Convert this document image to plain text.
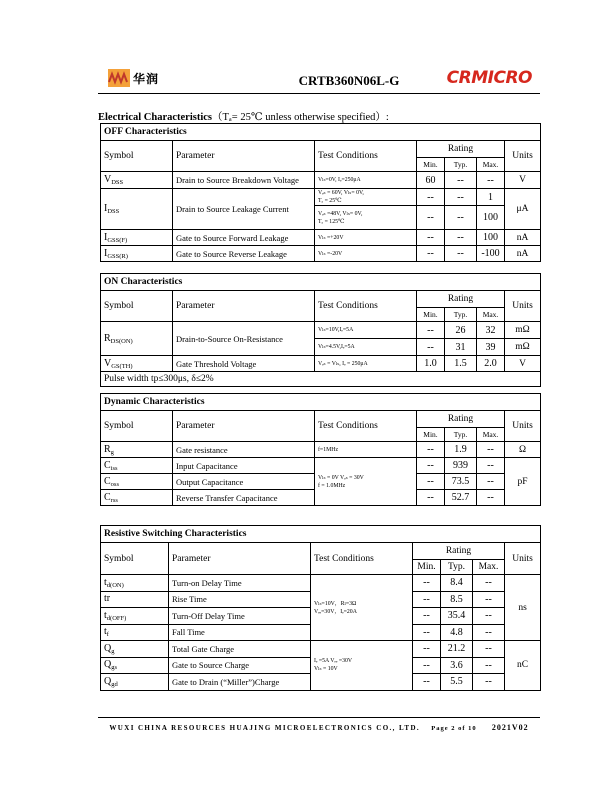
华润	CRTB360N06L-G	CRMICRO
Electrical Characteristics（Tₐ= 25℃ unless otherwise specified）:
OFF Characteristics						
Symbol	Parameter	Test Conditions	Rating			Units
			Min.	Typ.	Max.	
$V_{DSS}$	Drain to Source Breakdown Voltage	Vₗₛ=0V, Iₑ=250μA	60	--	--	V
$I_{DSS}$	Drain to Source Leakage Current	Vₑₛ = 60V, Vₗₛ= 0V,
Tₐ = 25℃	--	--	1	μA

		Vₑₛ =48V, Vₗₛ= 0V,
Tₐ = 125℃	--	--	100	
$I_{GSS(F)}$	Gate to Source Forward Leakage	Vₗₛ =+20V	--	--	100	nA
$I_{GSS(R)}$	Gate to Source Reverse Leakage	Vₗₛ =-20V	--	--	-100	nA
ON Characteristics						
Symbol	Parameter	Test Conditions	Rating			Units
			Min.	Typ.	Max.	
$R_{DS(ON)}$	Drain-to-Source On-Resistance	Vₗₛ=10V,Iₑ=5A	--	26	32	mΩ
		Vₗₛ=4.5V,Iₑ=5A	--	31	39	mΩ
$V_{GS(TH)}$	Gate Threshold Voltage	Vₑₛ = Vₗₛ, Iₑ = 250μA	1.0	1.5	2.0	V
Pulse width tp≤300μs, δ≤2%						
Dynamic Characteristics						
Symbol	Parameter	Test Conditions	Rating			Units
			Min.	Typ.	Max.	
$R_g$	Gate resistance	f=1MHz	--	1.9	--	Ω
$C_{iss}$	Input Capacitance	Vₗₛ = 0V Vₑₛ = 30V
f = 1.0MHz	--	939	--	pF
$C_{oss}$	Output Capacitance		--	73.5	--	
$C_{rss}$	Reverse Transfer Capacitance		--	52.7	--	
Resistive Switching Characteristics						
Symbol	Parameter	Test Conditions	Rating			Units
			Min.	Typ.	Max.	
$t_{d(ON)}$	Turn-on Delay Time	Vₗₛ=10V，Rₗ=3Ω
Vₑₑ=30V，Iₑ=20A	--	8.4	--	ns
tr	Rise Time		--	8.5	--	
$t_{d(OFF)}$	Turn-Off Delay Time		--	35.4	--	
$t_f$	Fall Time		--	4.8	--	
$Q_g$	Total Gate Charge	Iₑ =5A Vₑₑ =30V
Vₗₛ = 10V	--	21.2	--	nC
$Q_{gs}$	Gate to Source Charge		--	3.6	--	
$Q_{gd}$	Gate to Drain (“Miller”)Charge		--	5.5	--	
WUXI CHINA RESOURCES HUAJING MICROELECTRONICS CO., LTD. Page 2 of 10 2021V02
